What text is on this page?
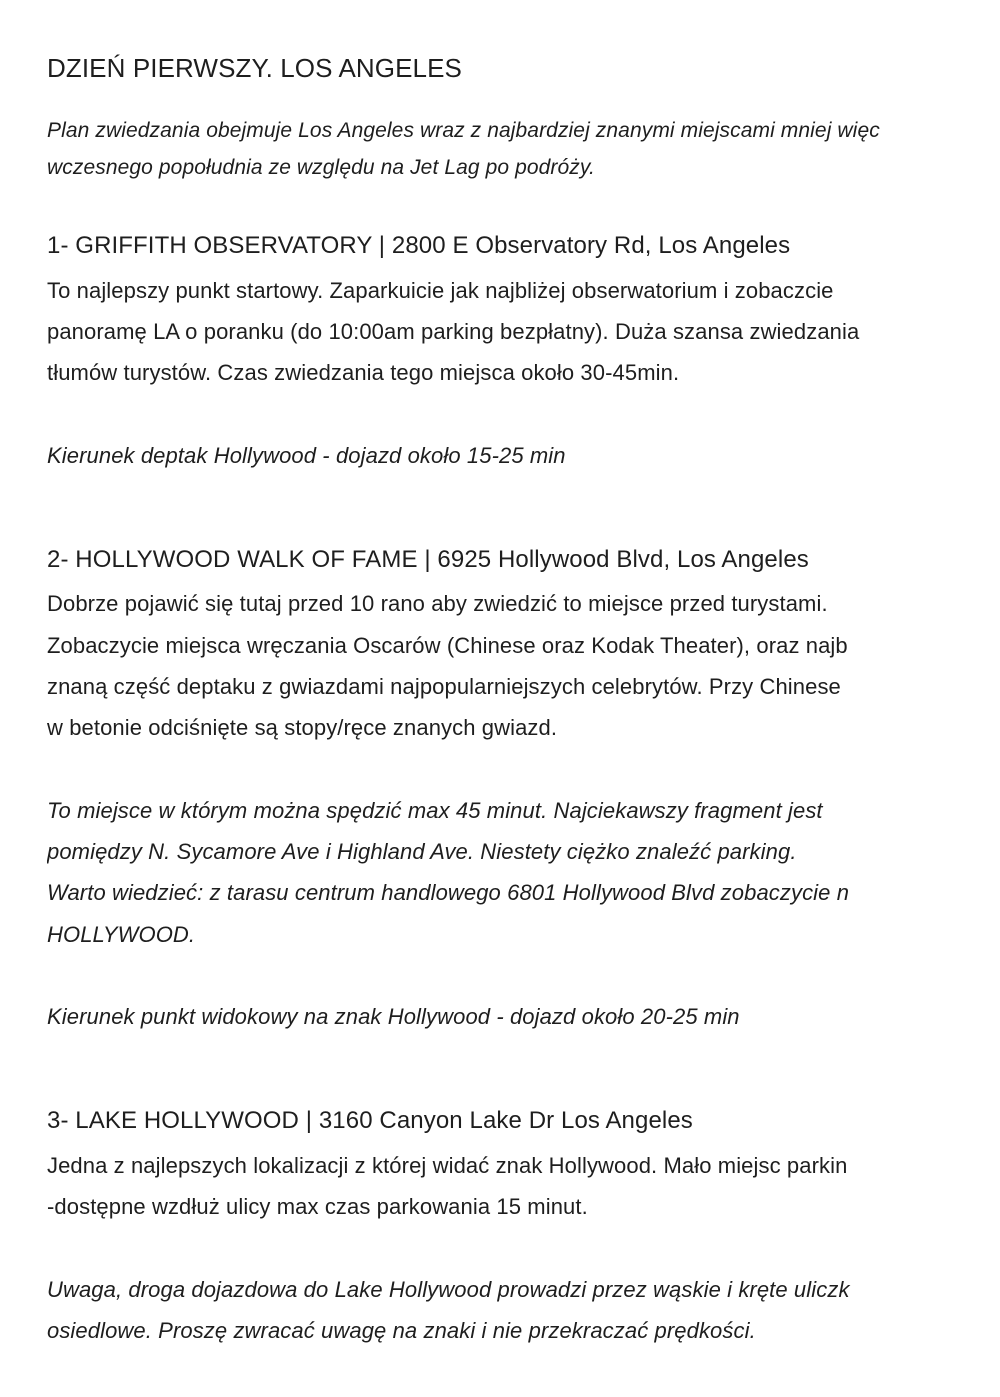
DZIEŃ PIERWSZY. LOS ANGELES
Plan zwiedzania obejmuje Los Angeles wraz z najbardziej znanymi miejscami mniej więc
wczesnego popołudnia ze względu na Jet Lag po podróży.
1- GRIFFITH OBSERVATORY | 2800 E Observatory Rd, Los Angeles
To najlepszy punkt startowy. Zaparkuicie jak najbliżej obserwatorium i zobaczcie
panoramę LA o poranku (do 10:00am parking bezpłatny). Duża szansa zwiedzania
tłumów turystów. Czas zwiedzania tego miejsca około 30-45min.
Kierunek deptak Hollywood - dojazd około 15-25 min
2- HOLLYWOOD WALK OF FAME | 6925 Hollywood Blvd, Los Angeles
Dobrze pojawić się tutaj przed 10 rano aby zwiedzić to miejsce przed turystami.
Zobaczycie miejsca wręczania Oscarów (Chinese oraz Kodak Theater), oraz najb
znaną część deptaku z gwiazdami najpopularniejszych celebrytów. Przy Chinese
w betonie odciśnięte są stopy/ręce znanych gwiazd.
To miejsce w którym można spędzić max 45 minut. Najciekawszy fragment jest
pomiędzy N. Sycamore Ave i Highland Ave. Niestety ciężko znaleźć parking.
Warto wiedzieć: z tarasu centrum handlowego 6801 Hollywood Blvd zobaczycie n
HOLLYWOOD.
Kierunek punkt widokowy na znak Hollywood - dojazd około 20-25 min
3- LAKE HOLLYWOOD | 3160 Canyon Lake Dr Los Angeles
Jedna z najlepszych lokalizacji z której widać znak Hollywood. Mało miejsc parkin
-dostępne wzdłuż ulicy max czas parkowania 15 minut.
Uwaga, droga dojazdowa do Lake Hollywood prowadzi przez wąskie i kręte uliczk
osiedlowe. Proszę zwracać uwagę na znaki i nie przekraczać prędkości.
